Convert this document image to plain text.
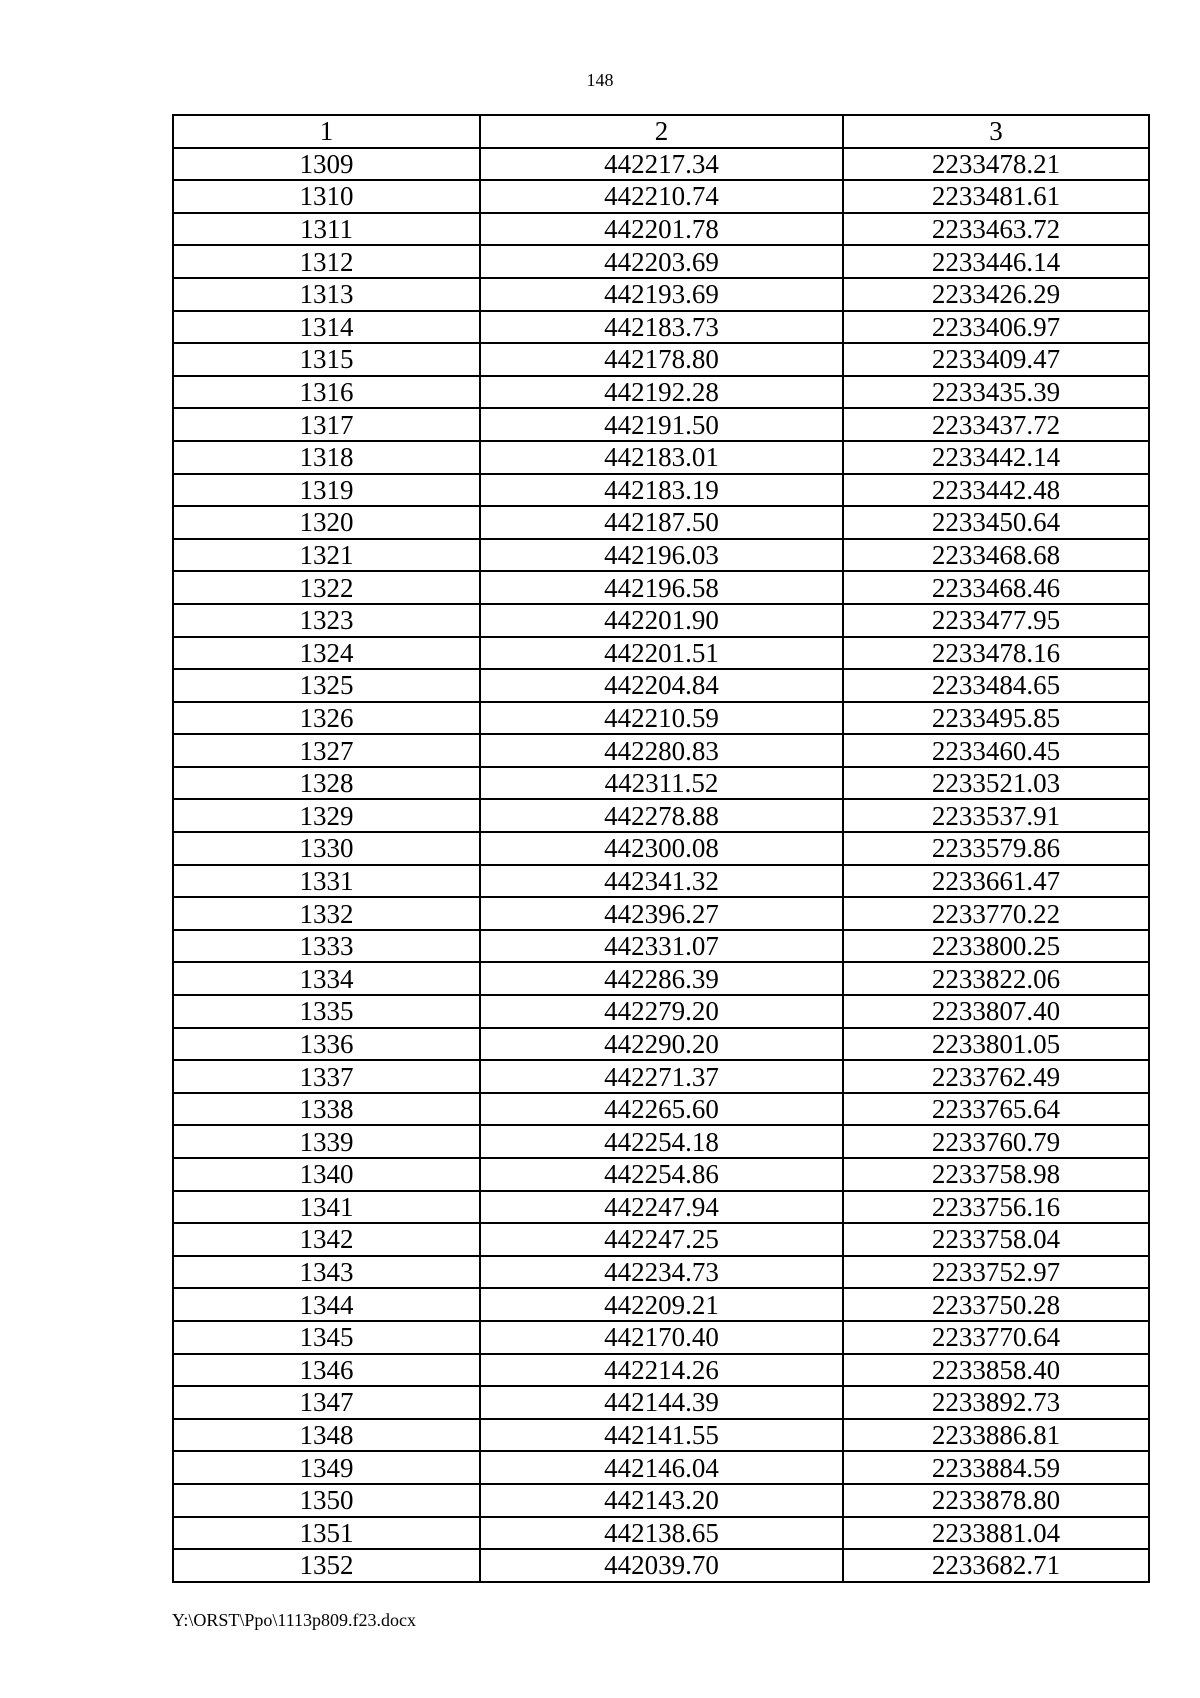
148
1	2	3
1309	442217.34	2233478.21
1310	442210.74	2233481.61
1311	442201.78	2233463.72
1312	442203.69	2233446.14
1313	442193.69	2233426.29
1314	442183.73	2233406.97
1315	442178.80	2233409.47
1316	442192.28	2233435.39
1317	442191.50	2233437.72
1318	442183.01	2233442.14
1319	442183.19	2233442.48
1320	442187.50	2233450.64
1321	442196.03	2233468.68
1322	442196.58	2233468.46
1323	442201.90	2233477.95
1324	442201.51	2233478.16
1325	442204.84	2233484.65
1326	442210.59	2233495.85
1327	442280.83	2233460.45
1328	442311.52	2233521.03
1329	442278.88	2233537.91
1330	442300.08	2233579.86
1331	442341.32	2233661.47
1332	442396.27	2233770.22
1333	442331.07	2233800.25
1334	442286.39	2233822.06
1335	442279.20	2233807.40
1336	442290.20	2233801.05
1337	442271.37	2233762.49
1338	442265.60	2233765.64
1339	442254.18	2233760.79
1340	442254.86	2233758.98
1341	442247.94	2233756.16
1342	442247.25	2233758.04
1343	442234.73	2233752.97
1344	442209.21	2233750.28
1345	442170.40	2233770.64
1346	442214.26	2233858.40
1347	442144.39	2233892.73
1348	442141.55	2233886.81
1349	442146.04	2233884.59
1350	442143.20	2233878.80
1351	442138.65	2233881.04
1352	442039.70	2233682.71
Y:\ORST\Ppo\1113p809.f23.docx
